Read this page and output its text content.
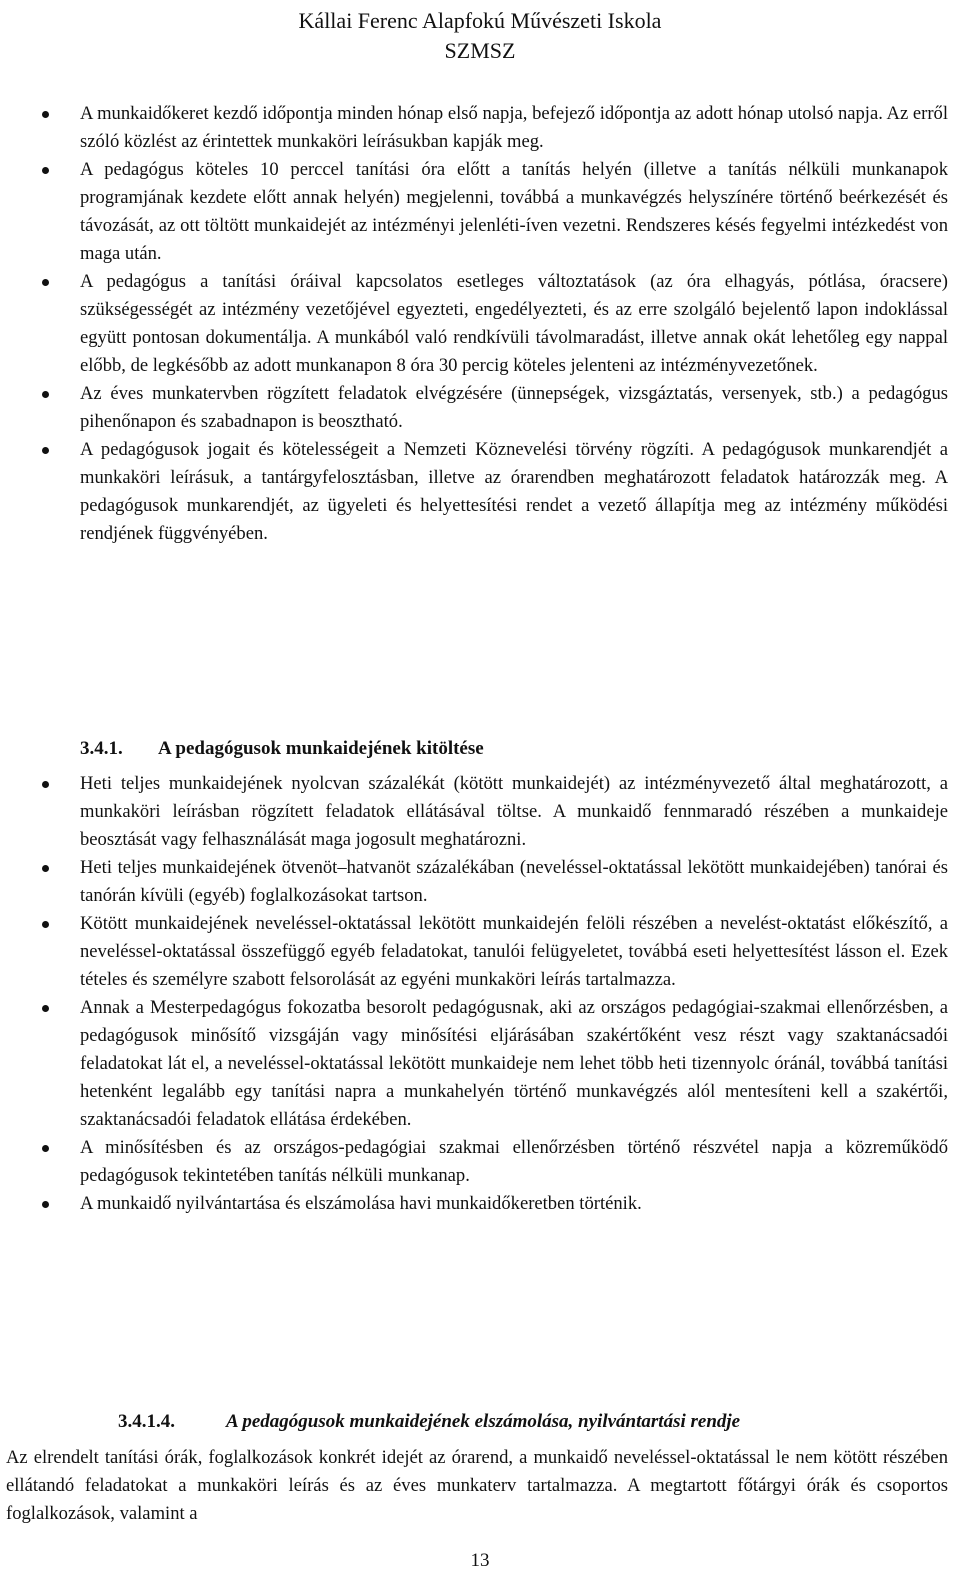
Kállai Ferenc Alapfokú Művészeti Iskola
SZMSZ
A munkaidőkeret kezdő időpontja minden hónap első napja, befejező időpontja az adott hónap utolsó napja. Az erről szóló közlést az érintettek munkaköri leírásukban kapják meg.
A pedagógus köteles 10 perccel tanítási óra előtt a tanítás helyén (illetve a tanítás nélküli munkanapok programjának kezdete előtt annak helyén) megjelenni, továbbá a munkavégzés helyszínére történő beérkezését és távozását, az ott töltött munkaidejét az intézményi jelenléti-íven vezetni. Rendszeres késés fegyelmi intézkedést von maga után.
A pedagógus a tanítási óráival kapcsolatos esetleges változtatások (az óra elhagyás, pótlása, óracsere) szükségességét az intézmény vezetőjével egyezteti, engedélyezteti, és az erre szolgáló bejelentő lapon indoklással együtt pontosan dokumentálja. A munkából való rendkívüli távolmaradást, illetve annak okát lehetőleg egy nappal előbb, de legkésőbb az adott munkanapon 8 óra 30 percig köteles jelenteni az intézményvezetőnek.
Az éves munkatervben rögzített feladatok elvégzésére (ünnepségek, vizsgáztatás, versenyek, stb.) a pedagógus pihenőnapon és szabadnapon is beosztható.
A pedagógusok jogait és kötelességeit a Nemzeti Köznevelési törvény rögzíti. A pedagógusok munkarendjét a munkaköri leírásuk, a tantárgyfelosztásban, illetve az órarendben meghatározott feladatok határozzák meg. A pedagógusok munkarendjét, az ügyeleti és helyettesítési rendet a vezető állapítja meg az intézmény működési rendjének függvényében.
3.4.1. A pedagógusok munkaidejének kitöltése
Heti teljes munkaidejének nyolcvan százalékát (kötött munkaidejét) az intézményvezető által meghatározott, a munkaköri leírásban rögzített feladatok ellátásával töltse. A munkaidő fennmaradó részében a munkaideje beosztását vagy felhasználását maga jogosult meghatározni.
Heti teljes munkaidejének ötvenöt–hatvanöt százalékában (neveléssel-oktatással lekötött munkaidejében) tanórai és tanórán kívüli (egyéb) foglalkozásokat tartson.
Kötött munkaidejének neveléssel-oktatással lekötött munkaidején felöli részében a nevelést-oktatást előkészítő, a neveléssel-oktatással összefüggő egyéb feladatokat, tanulói felügyeletet, továbbá eseti helyettesítést lásson el. Ezek tételes és személyre szabott felsorolását az egyéni munkaköri leírás tartalmazza.
Annak a Mesterpedagógus fokozatba besorolt pedagógusnak, aki az országos pedagógiai-szakmai ellenőrzésben, a pedagógusok minősítő vizsgáján vagy minősítési eljárásában szakértőként vesz részt vagy szaktanácsadói feladatokat lát el, a neveléssel-oktatással lekötött munkaideje nem lehet több heti tizennyolc óránál, továbbá tanítási hetenként legalább egy tanítási napra a munkahelyén történő munkavégzés alól mentesíteni kell a szakértői, szaktanácsadói feladatok ellátása érdekében.
A minősítésben és az országos-pedagógiai szakmai ellenőrzésben történő részvétel napja a közreműködő pedagógusok tekintetében tanítás nélküli munkanap.
A munkaidő nyilvántartása és elszámolása havi munkaidőkeretben történik.
3.4.1.4.	A pedagógusok munkaidejének elszámolása, nyilvántartási rendje
Az elrendelt tanítási órák, foglalkozások konkrét idejét az órarend, a munkaidő neveléssel-oktatással le nem kötött részében ellátandó feladatokat a munkaköri leírás és az éves munkaterv tartalmazza. A megtartott főtárgyi órák és csoportos foglalkozások, valamint a
13
